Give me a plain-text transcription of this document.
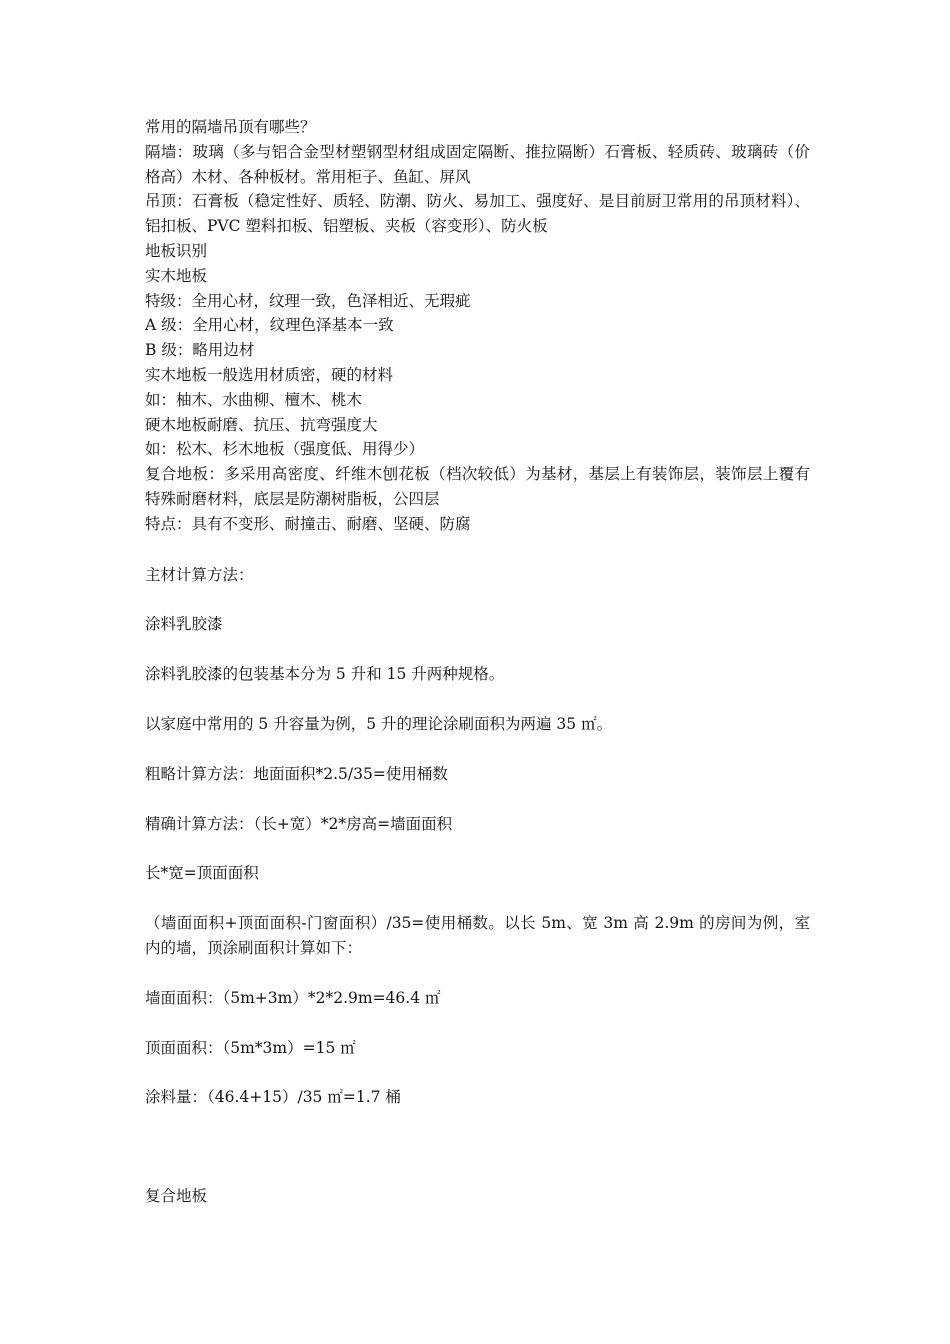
常用的隔墙吊顶有哪些？

隔墙：玻璃（多与铝合金型材塑钢型材组成固定隔断、推拉隔断）石膏板、轻质砖、玻璃砖（价格高）木材、各种板材。常用柜子、鱼缸、屏风

吊顶：石膏板（稳定性好、质轻、防潮、防火、易加工、强度好、是目前厨卫常用的吊顶材料）、铝扣板、PVC 塑料扣板、铝塑板、夹板（容变形）、防火板

地板识别

实木地板

特级：全用心材，纹理一致，色泽相近、无瑕疵

A 级：全用心材，纹理色泽基本一致

B 级：略用边材

实木地板一般选用材质密，硬的材料

如：柚木、水曲柳、檀木、桃木

硬木地板耐磨、抗压、抗弯强度大

如：松木、杉木地板（强度低、用得少）

复合地板：多采用高密度、纤维木刨花板（档次较低）为基材，基层上有装饰层，装饰层上覆有特殊耐磨材料，底层是防潮树脂板，公四层

特点：具有不变形、耐撞击、耐磨、坚硬、防腐

主材计算方法：

涂料乳胶漆

涂料乳胶漆的包装基本分为 5 升和 15 升两种规格。

以家庭中常用的 5 升容量为例，5 升的理论涂刷面积为两遍 35 ㎡。

粗略计算方法：地面面积*2.5/35=使用桶数

精确计算方法：（长+宽）*2*房高=墙面面积

长*宽=顶面面积

（墙面面积+顶面面积-门窗面积）/35=使用桶数。以长 5m、宽 3m 高 2.9m 的房间为例，室内的墙，顶涂刷面积计算如下：

墙面面积：（5m+3m）*2*2.9m=46.4 ㎡

顶面面积：（5m*3m）=15 ㎡

涂料量：（46.4+15）/35 ㎡=1.7 桶

复合地板
